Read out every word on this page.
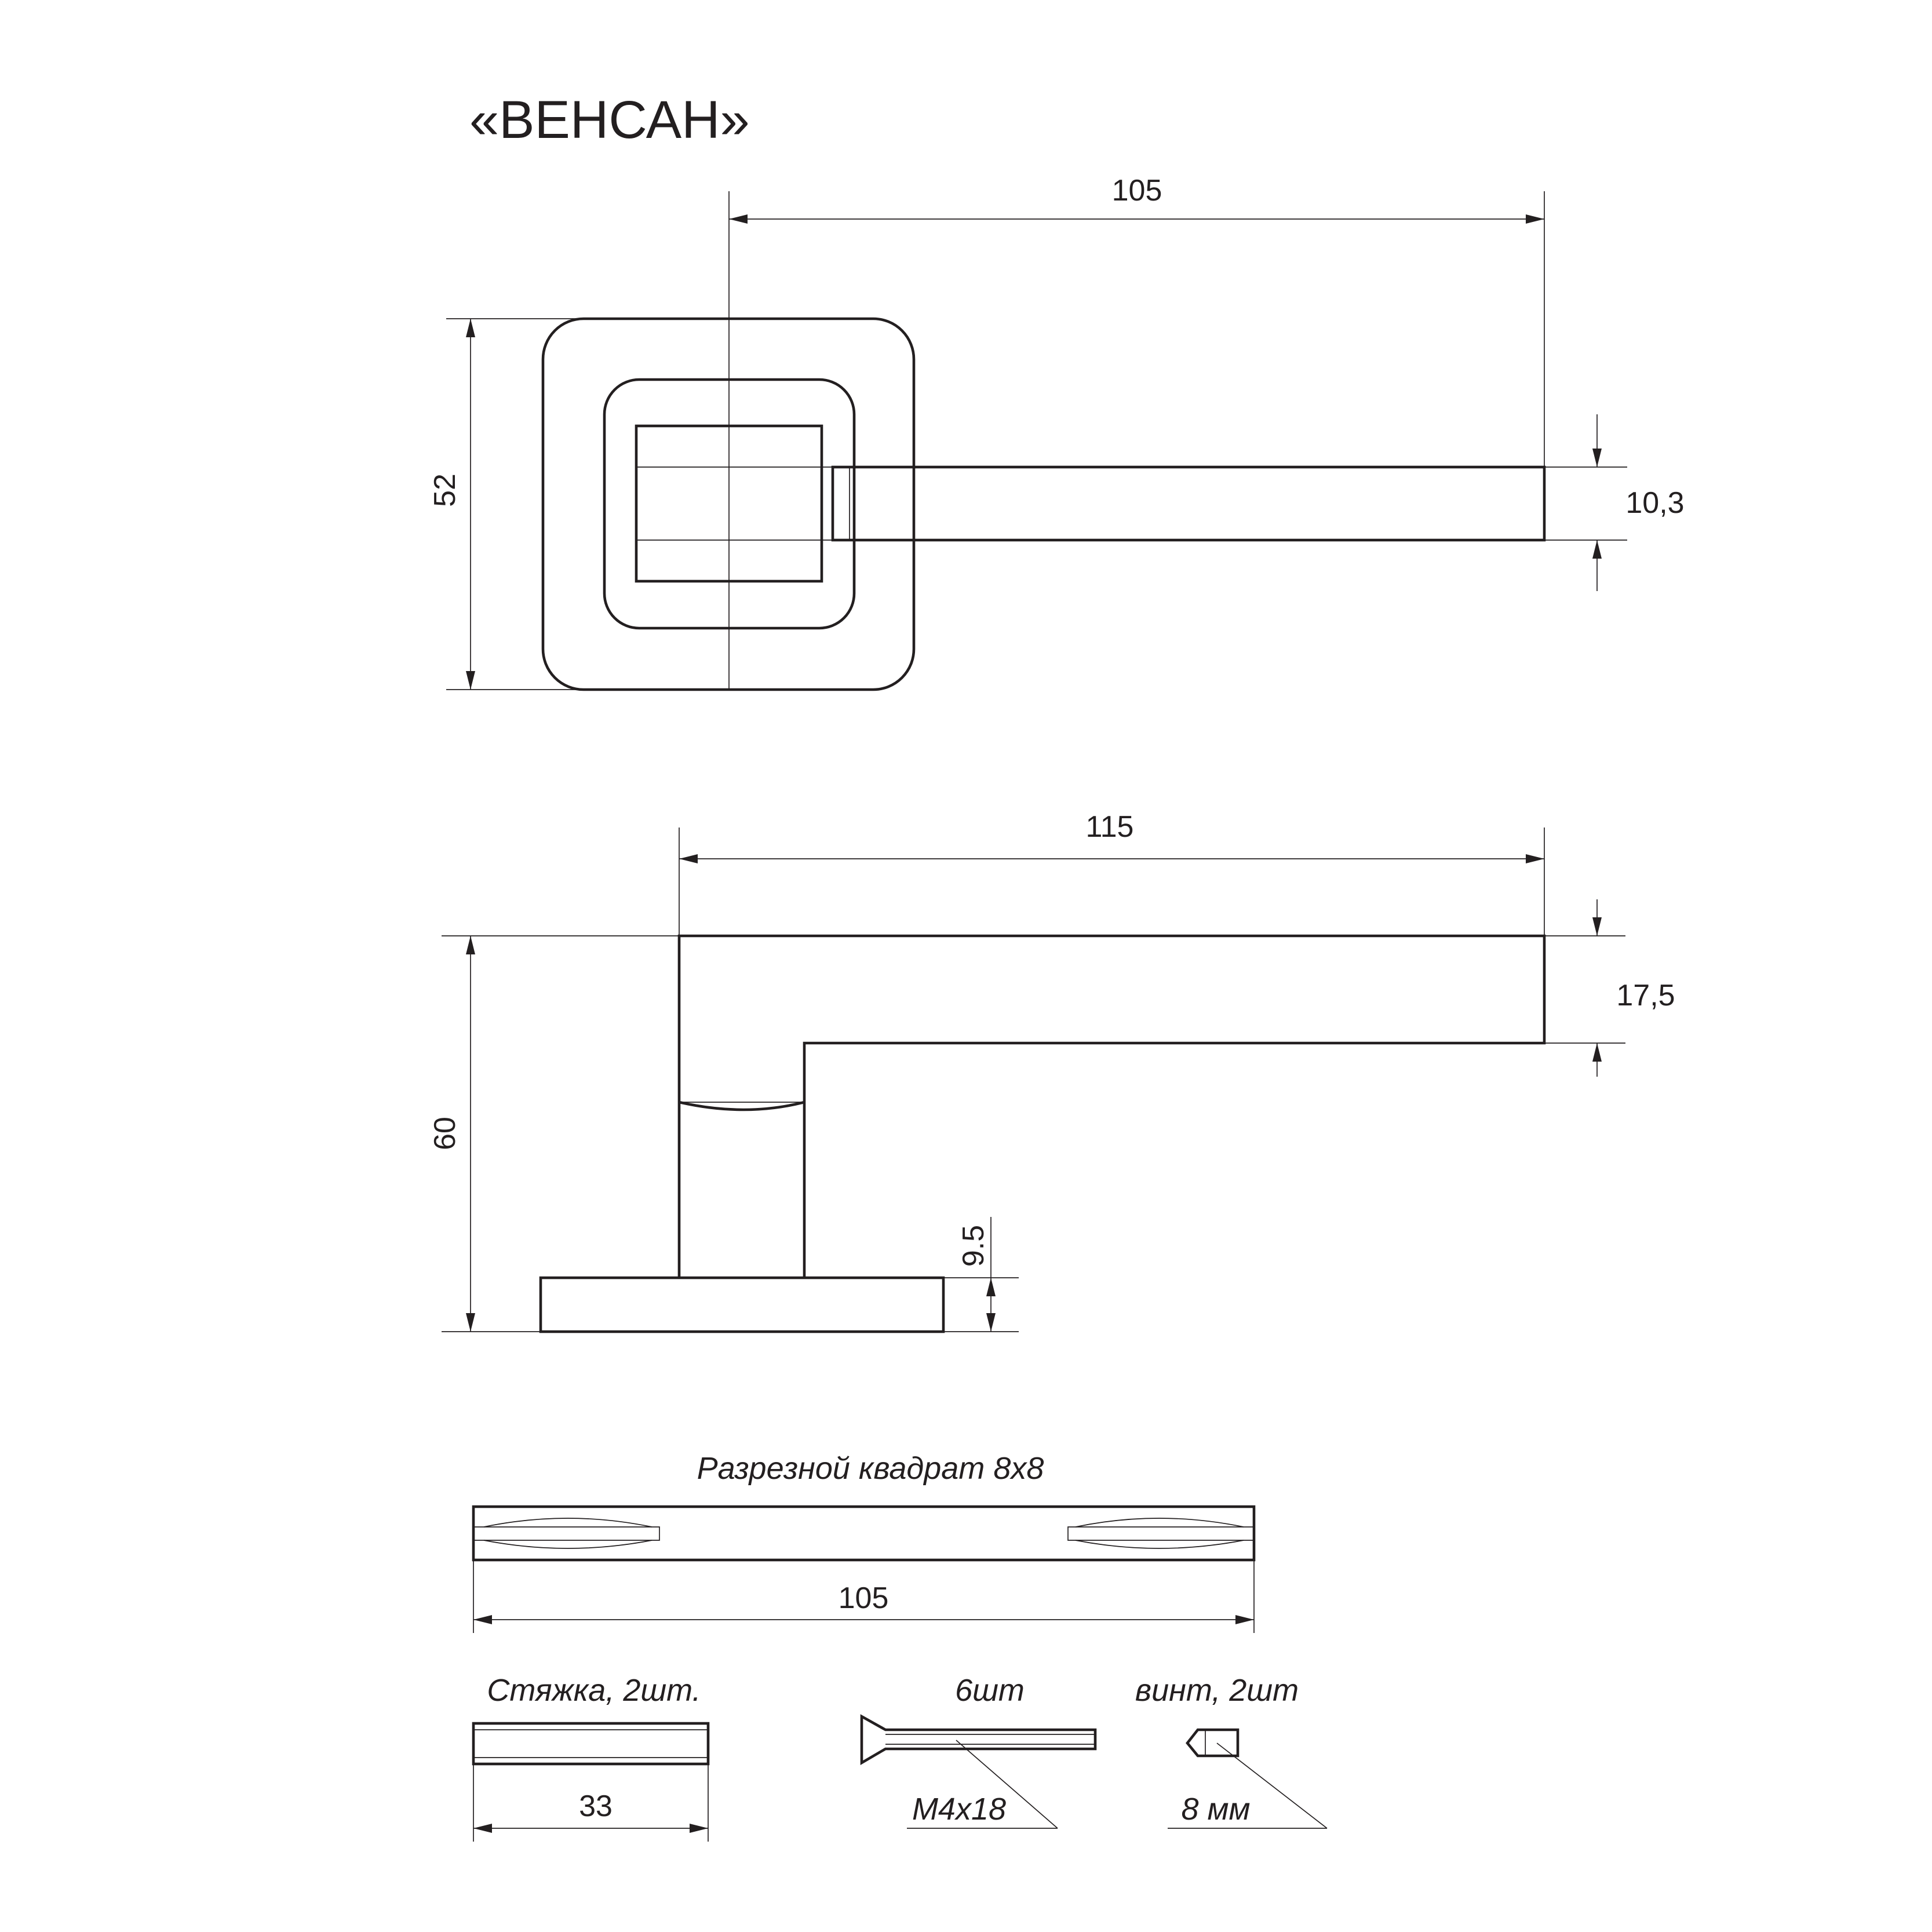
«ВЕНСАН»
105
52	10,3
115
60
17,5
9.5
Разрезной квадрат 8х8
105
Стяжка, 2шт.
33
6шт
М4х18
винт, 2шт
8 мм
